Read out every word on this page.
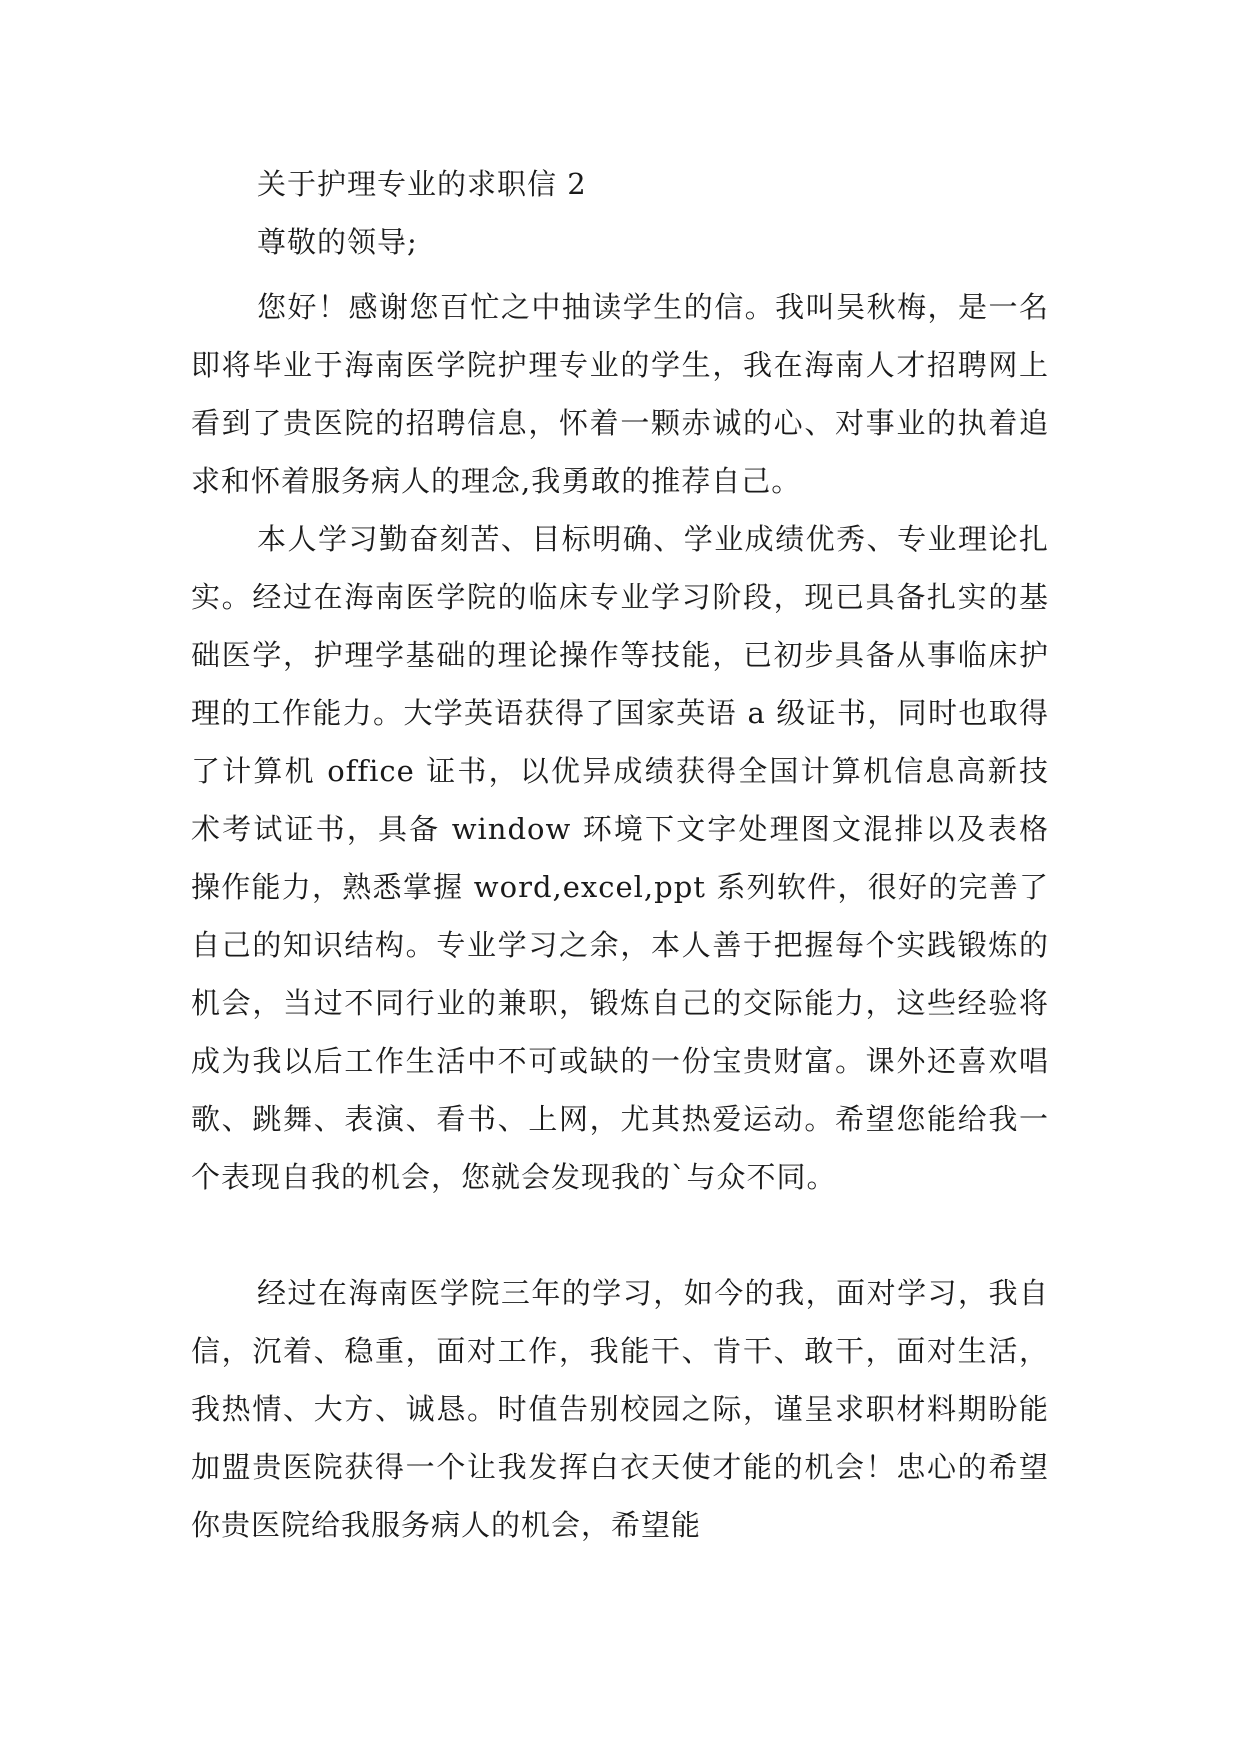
关于护理专业的求职信 2
尊敬的领导;

您好！感谢您百忙之中抽读学生的信。我叫吴秋梅，是一名即将毕业于海南医学院护理专业的学生，我在海南人才招聘网上看到了贵医院的招聘信息，怀着一颗赤诚的心、对事业的执着追求和怀着服务病人的理念,我勇敢的推荐自己。

本人学习勤奋刻苦、目标明确、学业成绩优秀、专业理论扎实。经过在海南医学院的临床专业学习阶段，现已具备扎实的基础医学，护理学基础的理论操作等技能，已初步具备从事临床护理的工作能力。大学英语获得了国家英语 a 级证书，同时也取得了计算机 office 证书，以优异成绩获得全国计算机信息高新技术考试证书，具备 window 环境下文字处理图文混排以及表格操作能力，熟悉掌握 word,excel,ppt 系列软件，很好的完善了自己的知识结构。专业学习之余，本人善于把握每个实践锻炼的机会，当过不同行业的兼职，锻炼自己的交际能力，这些经验将成为我以后工作生活中不可或缺的一份宝贵财富。课外还喜欢唱歌、跳舞、表演、看书、上网，尤其热爱运动。希望您能给我一个表现自我的机会，您就会发现我的`与众不同。

经过在海南医学院三年的学习，如今的我，面对学习，我自信，沉着、稳重，面对工作，我能干、肯干、敢干，面对生活，我热情、大方、诚恳。时值告别校园之际，谨呈求职材料期盼能加盟贵医院获得一个让我发挥白衣天使才能的机会！忠心的希望你贵医院给我服务病人的机会，希望能
